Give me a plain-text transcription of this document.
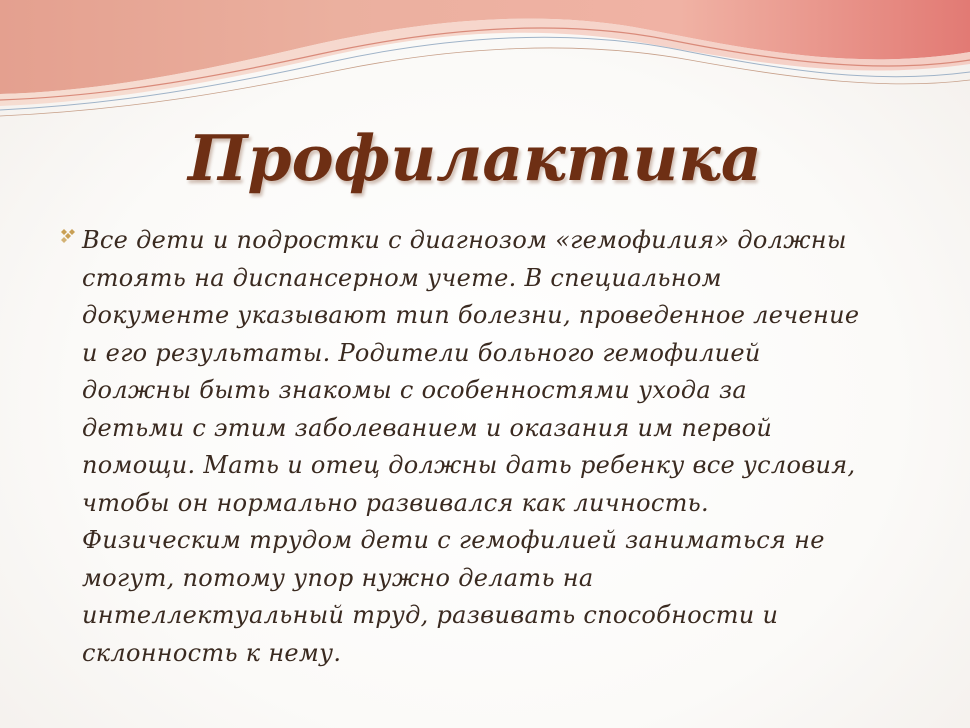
Профилактика

Все дети и подростки с диагнозом «гемофилия» должны
стоять на диспансерном учете. В специальном
документе указывают тип болезни, проведенное лечение
и его результаты. Родители больного гемофилией
должны быть знакомы с особенностями ухода за
детьми с этим заболеванием и оказания им первой
помощи. Мать и отец должны дать ребенку все условия,
чтобы он нормально развивался как личность.
Физическим трудом дети с гемофилией заниматься не
могут, потому упор нужно делать на
интеллектуальный труд, развивать способности и
склонность к нему.
